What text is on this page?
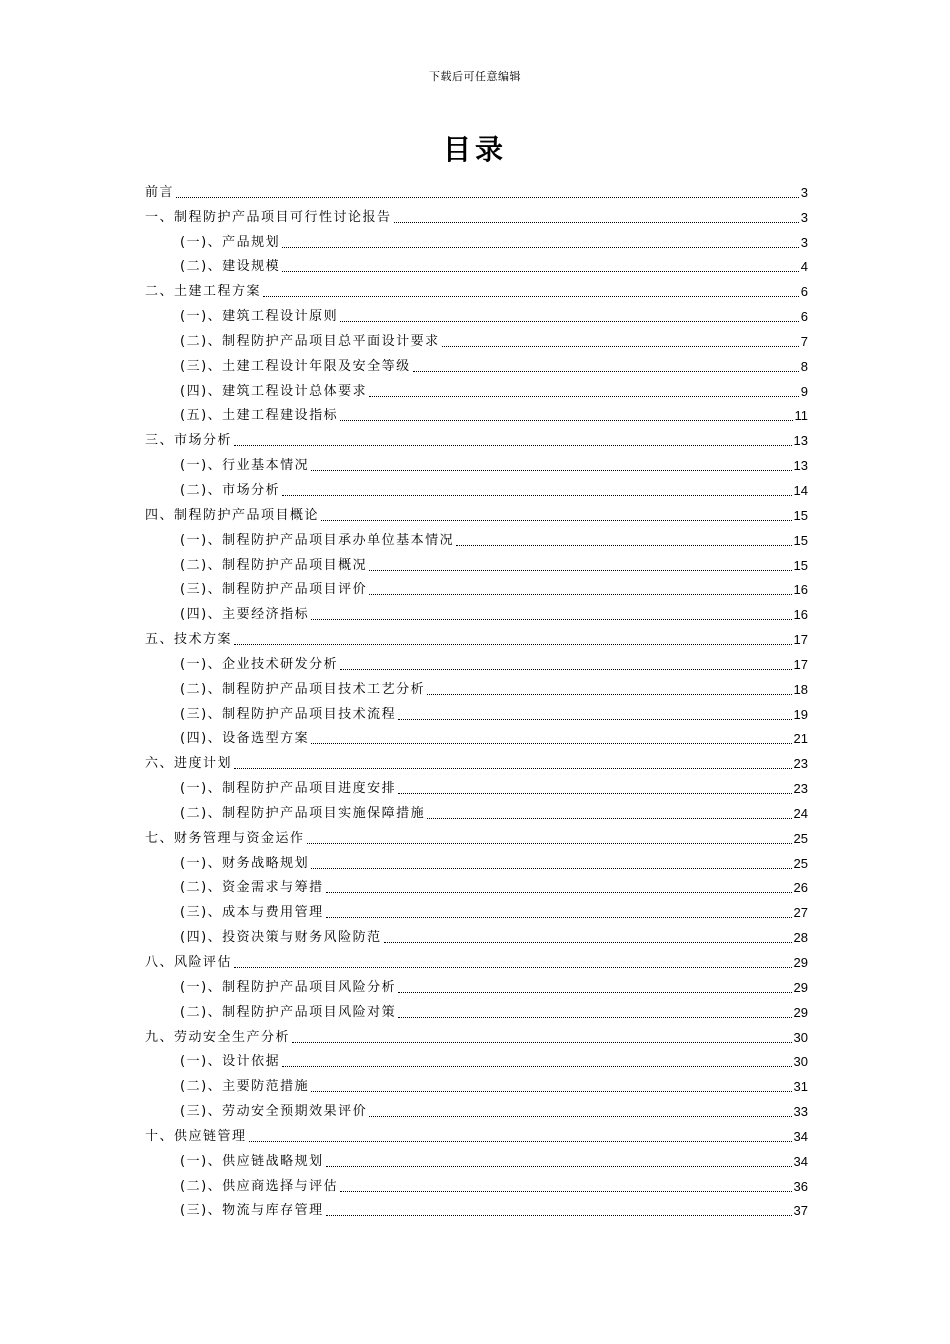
下载后可任意编辑
目录
前言	3
一、制程防护产品项目可行性讨论报告	3
(一)、产品规划	3
(二)、建设规模	4
二、土建工程方案	6
(一)、建筑工程设计原则	6
(二)、制程防护产品项目总平面设计要求	7
(三)、土建工程设计年限及安全等级	8
(四)、建筑工程设计总体要求	9
(五)、土建工程建设指标	11
三、市场分析	13
(一)、行业基本情况	13
(二)、市场分析	14
四、制程防护产品项目概论	15
(一)、制程防护产品项目承办单位基本情况	15
(二)、制程防护产品项目概况	15
(三)、制程防护产品项目评价	16
(四)、主要经济指标	16
五、技术方案	17
(一)、企业技术研发分析	17
(二)、制程防护产品项目技术工艺分析	18
(三)、制程防护产品项目技术流程	19
(四)、设备选型方案	21
六、进度计划	23
(一)、制程防护产品项目进度安排	23
(二)、制程防护产品项目实施保障措施	24
七、财务管理与资金运作	25
(一)、财务战略规划	25
(二)、资金需求与筹措	26
(三)、成本与费用管理	27
(四)、投资决策与财务风险防范	28
八、风险评估	29
(一)、制程防护产品项目风险分析	29
(二)、制程防护产品项目风险对策	29
九、劳动安全生产分析	30
(一)、设计依据	30
(二)、主要防范措施	31
(三)、劳动安全预期效果评价	33
十、供应链管理	34
(一)、供应链战略规划	34
(二)、供应商选择与评估	36
(三)、物流与库存管理	37
